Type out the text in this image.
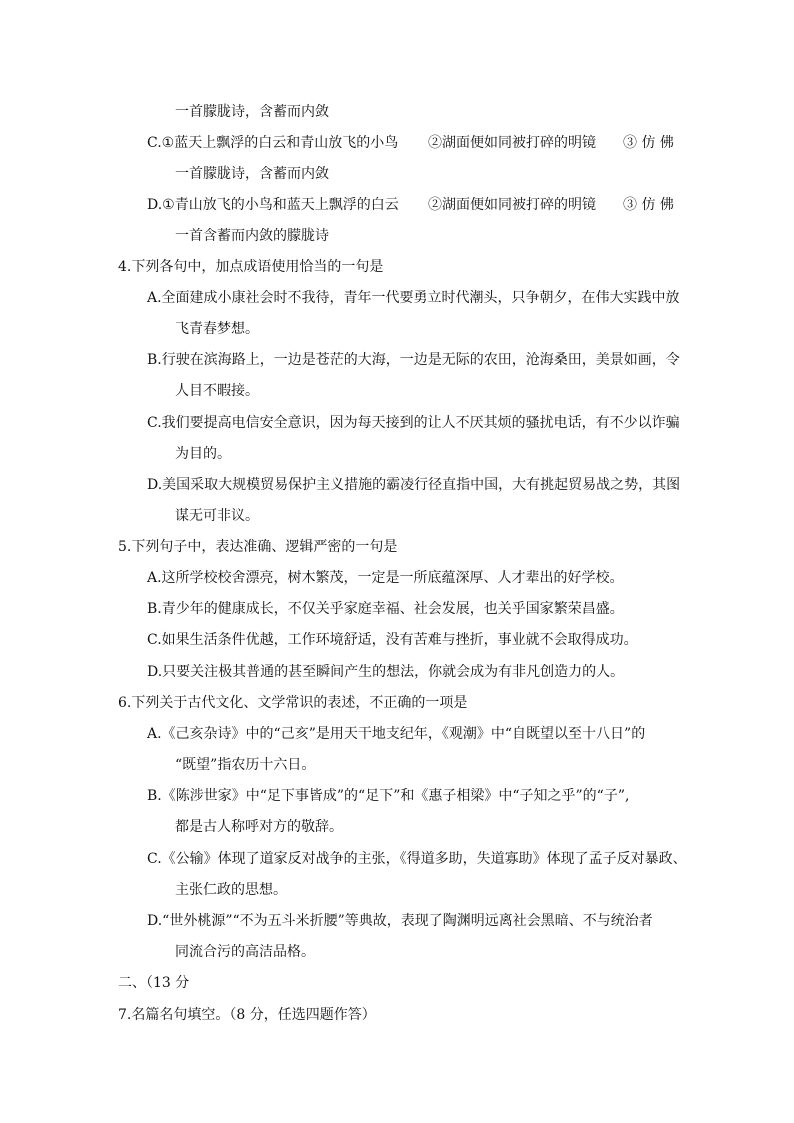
一首朦胧诗，含蓄而内敛
C.①蓝天上飘浮的白云和青山放飞的小鸟 ②湖面便如同被打碎的明镜 ③ 仿 佛
一首朦胧诗，含蓄而内敛
D.①青山放飞的小鸟和蓝天上飘浮的白云 ②湖面便如同被打碎的明镜 ③ 仿 佛
一首含蓄而内敛的朦胧诗
4.下列各句中，加点成语使用恰当的一句是
A.全面建成小康社会时不我待，青年一代要勇立时代潮头，只争朝夕，在伟大实践中放
飞青春梦想。
B.行驶在滨海路上，一边是苍茫的大海，一边是无际的农田，沧海桑田，美景如画，令
人目不暇接。
C.我们要提高电信安全意识，因为每天接到的让人不厌其烦的骚扰电话，有不少以诈骗
为目的。
D.美国采取大规模贸易保护主义措施的霸凌行径直指中国，大有挑起贸易战之势，其图
谋无可非议。
5.下列句子中，表达准确、逻辑严密的一句是
A.这所学校校舍漂亮，树木繁茂，一定是一所底蕴深厚、人才辈出的好学校。
B.青少年的健康成长，不仅关乎家庭幸福、社会发展，也关乎国家繁荣昌盛。
C.如果生活条件优越，工作环境舒适，没有苦难与挫折，事业就不会取得成功。
D.只要关注极其普通的甚至瞬间产生的想法，你就会成为有非凡创造力的人。
6.下列关于古代文化、文学常识的表述，不正确的一项是
A.《己亥杂诗》中的“己亥”是用天干地支纪年，《观潮》中“自既望以至十八日”的
“既望”指农历十六日。
B.《陈涉世家》中“足下事皆成”的“足下”和《惠子相梁》中“子知之乎”的“子”,
都是古人称呼对方的敬辞。
C.《公输》体现了道家反对战争的主张，《得道多助，失道寡助》体现了孟子反对暴政、
主张仁政的思想。
D.“世外桃源”“不为五斗米折腰”等典故，表现了陶渊明远离社会黑暗、不与统治者
同流合污的高洁品格。
二、（13 分
7.名篇名句填空。（8 分，任选四题作答）
